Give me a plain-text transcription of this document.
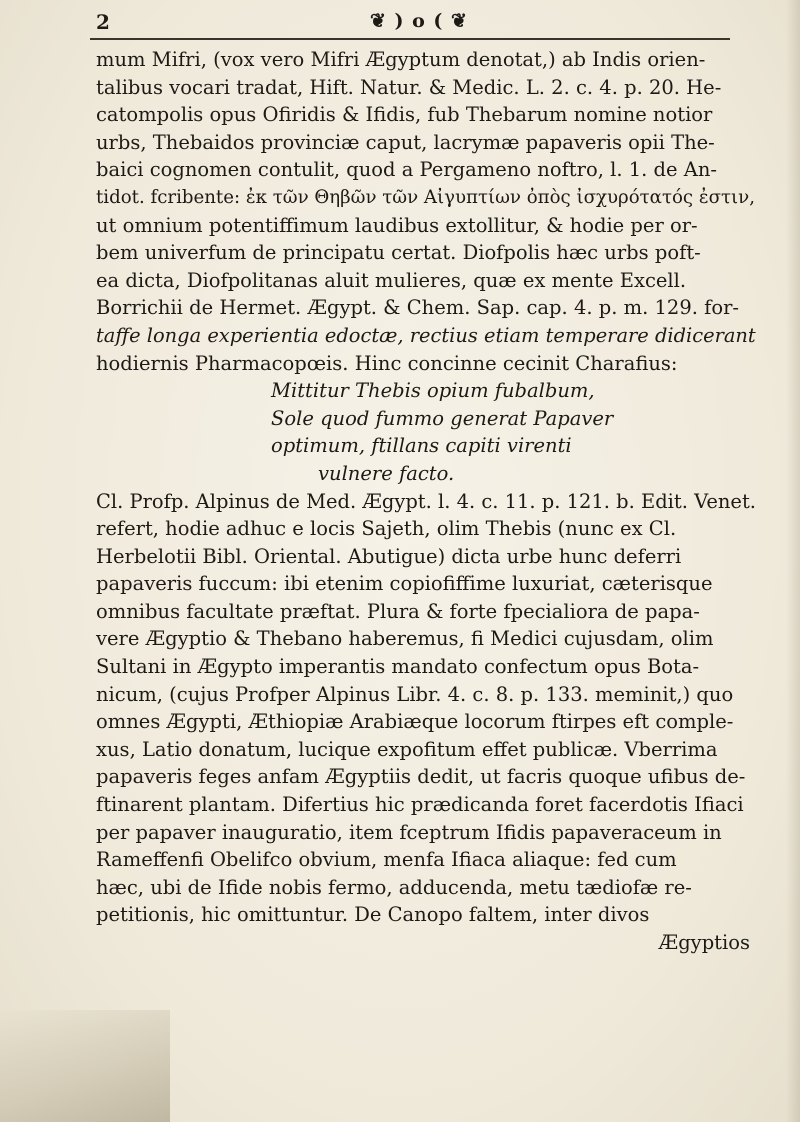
2	❦ ) o ( ❦
mum Mifri, (vox vero Mifri Ægyptum denotat,) ab Indis orien-
talibus vocari tradat, Hift. Natur. & Medic. L. 2. c. 4. p. 20. He-
catompolis opus Ofiridis & Ifidis, fub Thebarum nomine notior
urbs, Thebaidos provinciæ caput, lacrymæ papaveris opii The-
baici cognomen contulit, quod a Pergameno noftro, l. 1. de An-
tidot. fcribente: ἐκ τῶν Θηβῶν τῶν Αἰγυπτίων ὀπὸς ἰσχυρότατός ἐστιν,
ut omnium potentiffimum laudibus extollitur, & hodie per or-
bem univerfum de principatu certat. Diofpolis hæc urbs poft-
ea dicta, Diofpolitanas aluit mulieres, quæ ex mente Excell.
Borrichii de Hermet. Ægypt. & Chem. Sap. cap. 4. p. m. 129. for-
taffe longa experientia edoctæ, rectius etiam temperare didicerant
hodiernis Pharmacopœis. Hinc concinne cecinit Charafius:
Mittitur Thebis opium fubalbum,
Sole quod fummo generat Papaver
optimum, ftillans capiti virenti
vulnere facto.
Cl. Profp. Alpinus de Med. Ægypt. l. 4. c. 11. p. 121. b. Edit. Venet.
refert, hodie adhuc e locis Sajeth, olim Thebis (nunc ex Cl.
Herbelotii Bibl. Oriental. Abutigue) dicta urbe hunc deferri
papaveris fuccum: ibi etenim copiofiffime luxuriat, cæterisque
omnibus facultate præftat. Plura & forte fpecialiora de papa-
vere Ægyptio & Thebano haberemus, fi Medici cujusdam, olim
Sultani in Ægypto imperantis mandato confectum opus Bota-
nicum, (cujus Profper Alpinus Libr. 4. c. 8. p. 133. meminit,) quo
omnes Ægypti, Æthiopiæ Arabiæque locorum ftirpes eft comple-
xus, Latio donatum, lucique expofitum effet publicæ. Vberrima
papaveris feges anfam Ægyptiis dedit, ut facris quoque ufibus de-
ftinarent plantam. Difertius hic prædicanda foret facerdotis Ifiaci
per papaver inauguratio, item fceptrum Ifidis papaveraceum in
Rameffenfi Obelifco obvium, menfa Ifiaca aliaque: fed cum
hæc, ubi de Ifide nobis fermo, adducenda, metu tædiofæ re-
petitionis, hic omittuntur. De Canopo faltem, inter divos
Ægyptios
